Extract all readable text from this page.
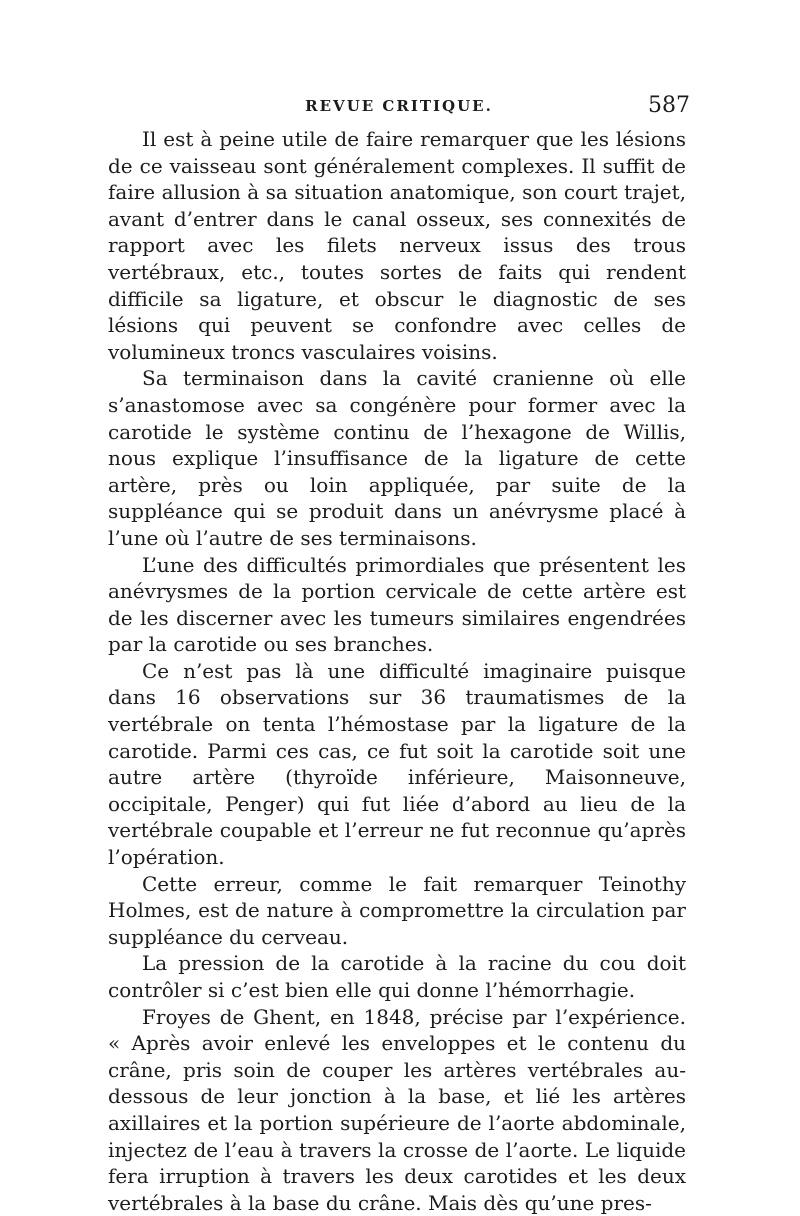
REVUE CRITIQUE.	587

Il est à peine utile de faire remarquer que les lésions de ce vaisseau sont généralement complexes. Il suffit de faire allusion à sa situation anatomique, son court trajet, avant d’entrer dans le canal osseux, ses connexités de rapport avec les filets nerveux issus des trous vertébraux, etc., toutes sortes de faits qui rendent difficile sa ligature, et obscur le diagnostic de ses lésions qui peuvent se confondre avec celles de volumineux troncs vasculaires voisins.

Sa terminaison dans la cavité cranienne où elle s’anastomose avec sa congénère pour former avec la carotide le système continu de l’hexagone de Willis, nous explique l’insuffisance de la ligature de cette artère, près ou loin appliquée, par suite de la suppléance qui se produit dans un anévrysme placé à l’une où l’autre de ses terminaisons.

L’une des difficultés primordiales que présentent les anévrysmes de la portion cervicale de cette artère est de les discerner avec les tumeurs similaires engendrées par la carotide ou ses branches.

Ce n’est pas là une difficulté imaginaire puisque dans 16 observations sur 36 traumatismes de la vertébrale on tenta l’hémostase par la ligature de la carotide. Parmi ces cas, ce fut soit la carotide soit une autre artère (thyroïde inférieure, Maisonneuve, occipitale, Penger) qui fut liée d’abord au lieu de la vertébrale coupable et l’erreur ne fut reconnue qu’après l’opération.

Cette erreur, comme le fait remarquer Teinothy Holmes, est de nature à compromettre la circulation par suppléance du cerveau.

La pression de la carotide à la racine du cou doit contrôler si c’est bien elle qui donne l’hémorrhagie.

Froyes de Ghent, en 1848, précise par l’expérience. « Après avoir enlevé les enveloppes et le contenu du crâne, pris soin de couper les artères vertébrales au-dessous de leur jonction à la base, et lié les artères axillaires et la portion supérieure de l’aorte abdominale, injectez de l’eau à travers la crosse de l’aorte. Le liquide fera irruption à travers les deux carotides et les deux vertébrales à la base du crâne. Mais dès qu’une pres-
